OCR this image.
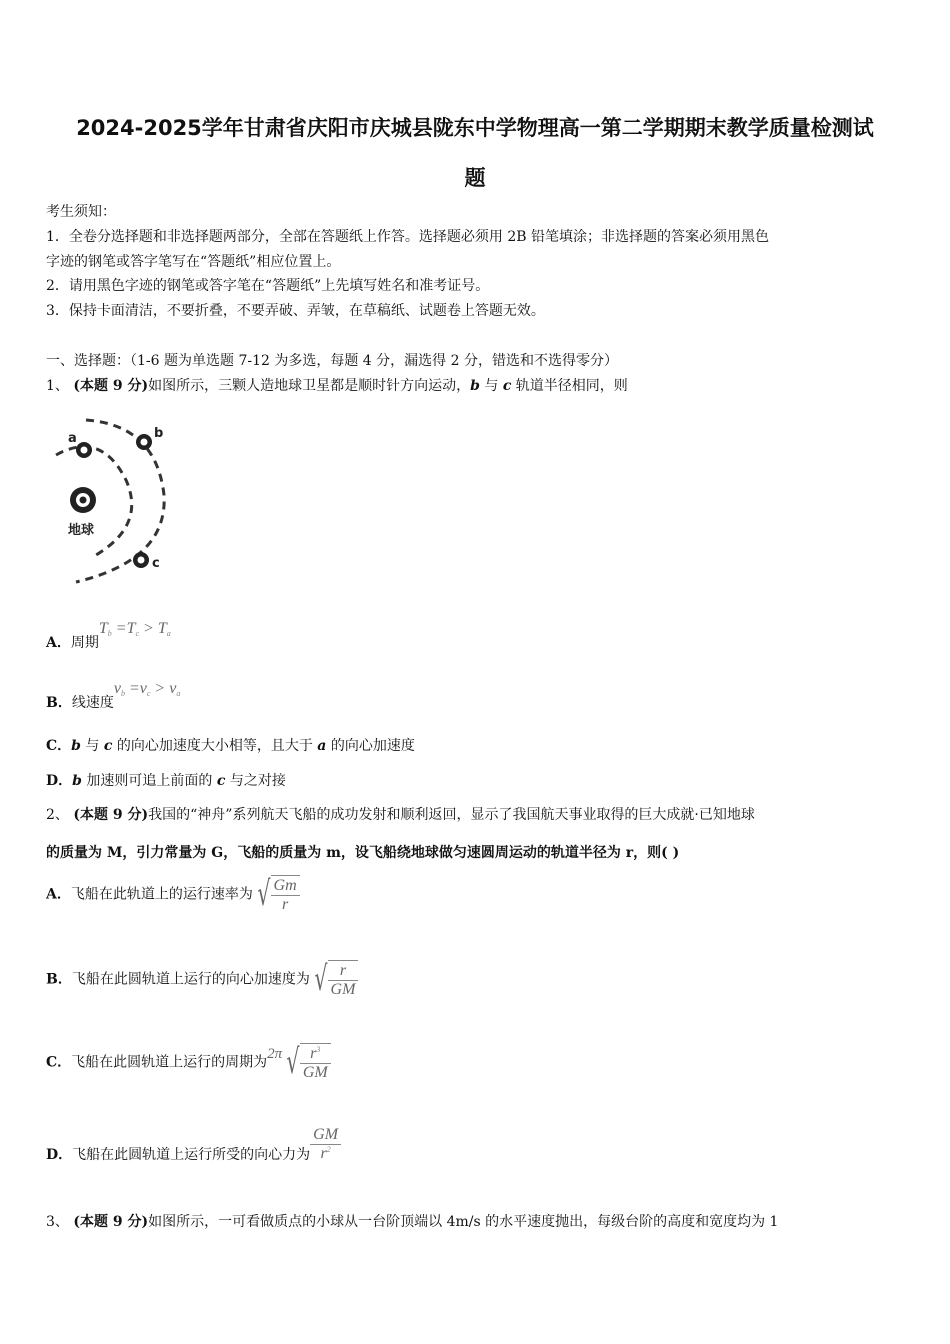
2024-2025学年甘肃省庆阳市庆城县陇东中学物理高一第二学期期末教学质量检测试
题
考生须知：
1．全卷分选择题和非选择题两部分，全部在答题纸上作答。选择题必须用 2B 铅笔填涂；非选择题的答案必须用黑色
字迹的钢笔或答字笔写在“答题纸”相应位置上。
2．请用黑色字迹的钢笔或答字笔在“答题纸”上先填写姓名和准考证号。
3．保持卡面清洁，不要折叠，不要弄破、弄皱，在草稿纸、试题卷上答题无效。
一、选择题：（1-6 题为单选题 7-12 为多选，每题 4 分，漏选得 2 分，错选和不选得零分）
1、 (本题 9 分)如图所示，三颗人造地球卫星都是顺时针方向运动，b 与 c 轨道半径相同，则
地球
a	b
c
A．周期$T_b =T_c > T_a$
B．线速度$v_b =v_c > v_a$
C．b 与 c 的向心加速度大小相等，且大于 a 的向心加速度
D．b 加速则可追上前面的 c 与之对接
2、 (本题 9 分)我国的“神舟”系列航天飞船的成功发射和顺利返回，显示了我国航天事业取得的巨大成就·已知地球
的质量为 M，引力常量为 G，飞船的质量为 m，设飞船绕地球做匀速圆周运动的轨道半径为 r，则( )
A．飞船在此轨道上的运行速率为 √ $\frac{Gm}{r}$
B．飞船在此圆轨道上运行的向心加速度为 √ $\frac{r}{GM}$
C．飞船在此圆轨道上运行的周期为2π √ $\frac{r^3}{GM}$
D．飞船在此圆轨道上运行所受的向心力为 $\frac{GM}{r^2}$
3、 (本题 9 分)如图所示，一可看做质点的小球从一台阶顶端以 4m/s 的水平速度抛出，每级台阶的高度和宽度均为 1
